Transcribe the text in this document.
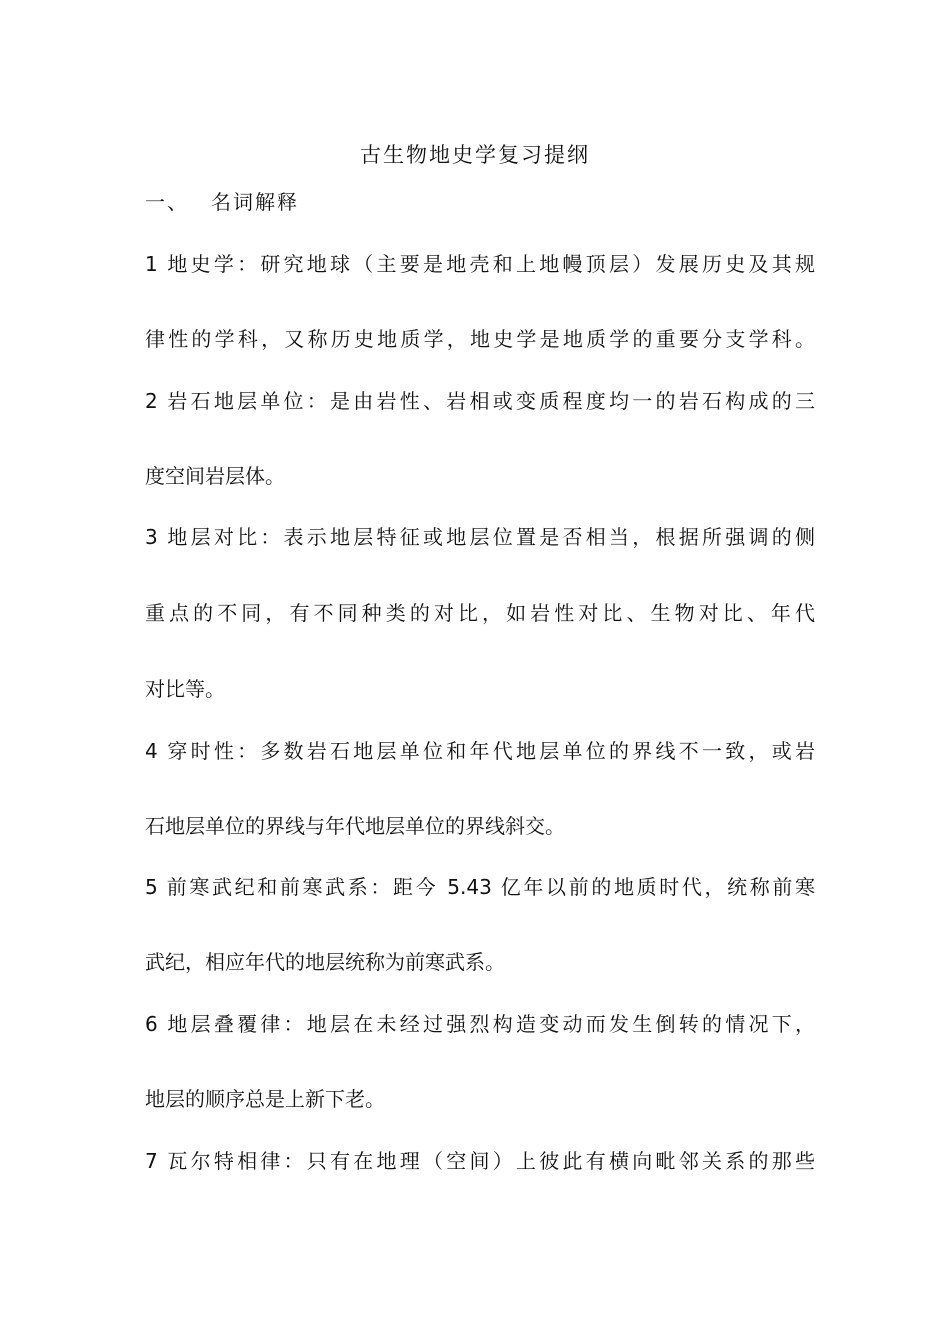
古生物地史学复习提纲
一、 名词解释
1 地史学：研究地球（主要是地壳和上地幔顶层）发展历史及其规
律性的学科，又称历史地质学，地史学是地质学的重要分支学科。
2 岩石地层单位：是由岩性、岩相或变质程度均一的岩石构成的三
度空间岩层体。
3 地层对比：表示地层特征或地层位置是否相当，根据所强调的侧
重点的不同，有不同种类的对比，如岩性对比、生物对比、年代
对比等。
4 穿时性：多数岩石地层单位和年代地层单位的界线不一致，或岩
石地层单位的界线与年代地层单位的界线斜交。
5 前寒武纪和前寒武系：距今 5.43 亿年以前的地质时代，统称前寒
武纪，相应年代的地层统称为前寒武系。
6 地层叠覆律：地层在未经过强烈构造变动而发生倒转的情况下，
地层的顺序总是上新下老。
7 瓦尔特相律：只有在地理（空间）上彼此有横向毗邻关系的那些
